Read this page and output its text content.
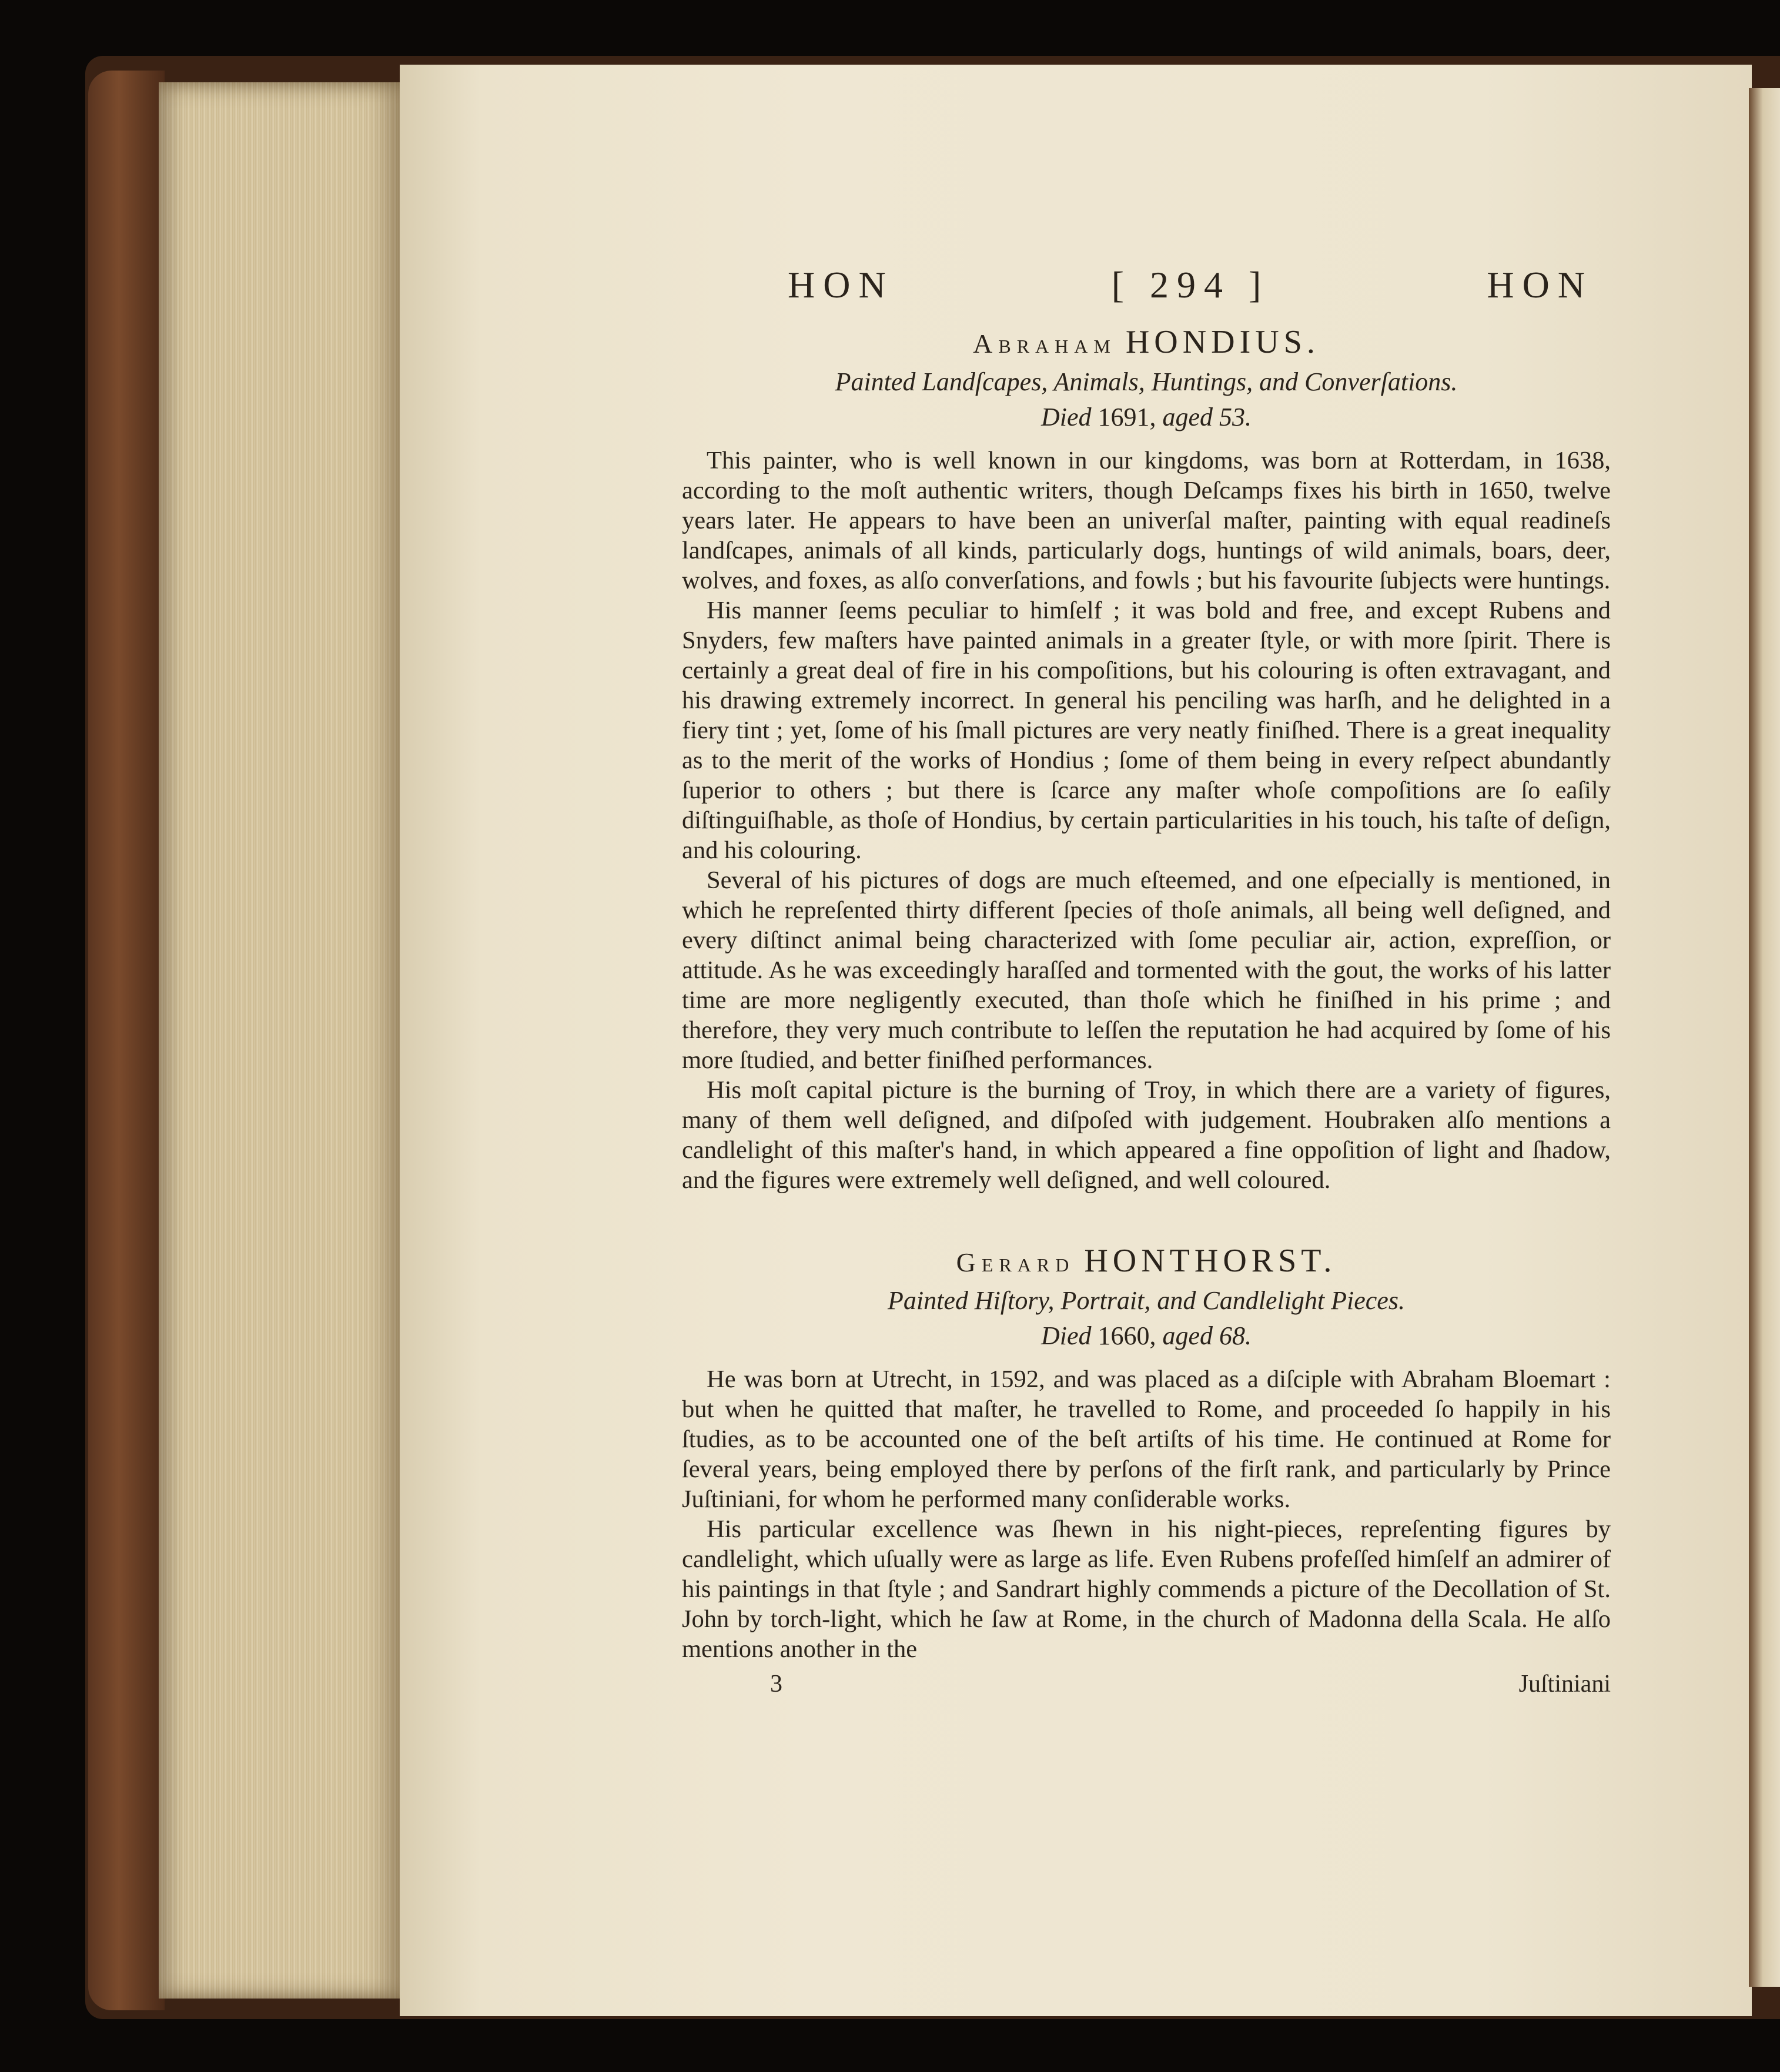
HON	[ 294 ]	HON
Abraham HONDIUS.
Painted Landſcapes, Animals, Huntings, and Converſations.
Died 1691, aged 53.

This painter, who is well known in our kingdoms, was born at Rotterdam, in 1638, according to the moſt authentic writers, though Deſcamps fixes his birth in 1650, twelve years later. He appears to have been an univerſal maſter, painting with equal readineſs landſcapes, animals of all kinds, particularly dogs, huntings of wild animals, boars, deer, wolves, and foxes, as alſo converſations, and fowls ; but his favourite ſubjects were huntings.

His manner ſeems peculiar to himſelf ; it was bold and free, and except Rubens and Snyders, few maſters have painted animals in a greater ſtyle, or with more ſpirit. There is certainly a great deal of fire in his compoſitions, but his colouring is often extravagant, and his drawing extremely incorrect. In general his penciling was harſh, and he delighted in a fiery tint ; yet, ſome of his ſmall pictures are very neatly finiſhed. There is a great inequality as to the merit of the works of Hondius ; ſome of them being in every reſpect abundantly ſuperior to others ; but there is ſcarce any maſter whoſe compoſitions are ſo eaſily diſtinguiſhable, as thoſe of Hondius, by certain particularities in his touch, his taſte of deſign, and his colouring.

Several of his pictures of dogs are much eſteemed, and one eſpecially is mentioned, in which he repreſented thirty different ſpecies of thoſe animals, all being well deſigned, and every diſtinct animal being characterized with ſome peculiar air, action, expreſſion, or attitude. As he was exceedingly haraſſed and tormented with the gout, the works of his latter time are more negligently executed, than thoſe which he finiſhed in his prime ; and therefore, they very much contribute to leſſen the reputation he had acquired by ſome of his more ſtudied, and better finiſhed performances.

His moſt capital picture is the burning of Troy, in which there are a variety of figures, many of them well deſigned, and diſpoſed with judgement. Houbraken alſo mentions a candlelight of this maſter's hand, in which appeared a fine oppoſition of light and ſhadow, and the figures were extremely well deſigned, and well coloured.

Gerard HONTHORST.
Painted Hiſtory, Portrait, and Candlelight Pieces.
Died 1660, aged 68.

He was born at Utrecht, in 1592, and was placed as a diſciple with Abraham Bloemart : but when he quitted that maſter, he travelled to Rome, and proceeded ſo happily in his ſtudies, as to be accounted one of the beſt artiſts of his time. He continued at Rome for ſeveral years, being employed there by perſons of the firſt rank, and particularly by Prince Juſtiniani, for whom he performed many conſiderable works.

His particular excellence was ſhewn in his night-pieces, repreſenting figures by candlelight, which uſually were as large as life. Even Rubens profeſſed himſelf an admirer of his paintings in that ſtyle ; and Sandrart highly commends a picture of the Decollation of St. John by torch-light, which he ſaw at Rome, in the church of Madonna della Scala. He alſo mentions another in the

3	Juſtiniani
